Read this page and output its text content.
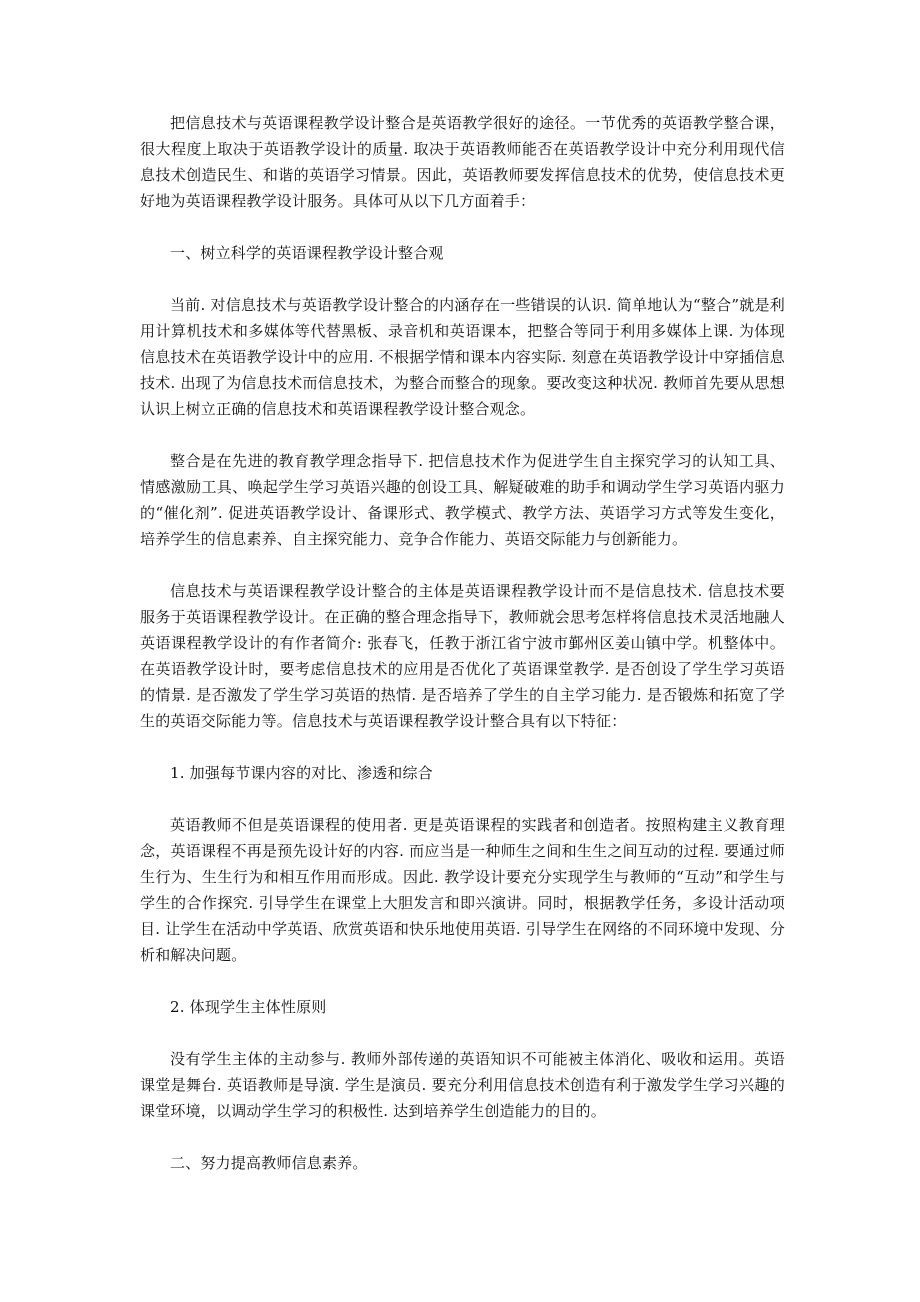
把信息技术与英语课程教学设计整合是英语教学很好的途径。一节优秀的英语教学整合课，很大程度上取决于英语教学设计的质量. 取决于英语教师能否在英语教学设计中充分利用现代信息技术创造民生、和谐的英语学习情景。因此，英语教师要发挥信息技术的优势，使信息技术更好地为英语课程教学设计服务。具体可从以下几方面着手：

一、树立科学的英语课程教学设计整合观

当前. 对信息技术与英语教学设计整合的内涵存在一些错误的认识. 简单地认为“整合”就是利用计算机技术和多媒体等代替黑板、录音机和英语课本，把整合等同于利用多媒体上课. 为体现信息技术在英语教学设计中的应用. 不根据学情和课本内容实际. 刻意在英语教学设计中穿插信息技术. 出现了为信息技术而信息技术，为整合而整合的现象。要改变这种状况. 教师首先要从思想认识上树立正确的信息技术和英语课程教学设计整合观念。

整合是在先进的教育教学理念指导下. 把信息技术作为促进学生自主探究学习的认知工具、情感激励工具、唤起学生学习英语兴趣的创设工具、解疑破难的助手和调动学生学习英语内驱力的“催化剂”. 促进英语教学设计、备课形式、教学模式、教学方法、英语学习方式等发生变化，培养学生的信息素养、自主探究能力、竞争合作能力、英语交际能力与创新能力。

信息技术与英语课程教学设计整合的主体是英语课程教学设计而不是信息技术. 信息技术要服务于英语课程教学设计。在正确的整合理念指导下，教师就会思考怎样将信息技术灵活地融人英语课程教学设计的有作者简介: 张春飞，任教于浙江省宁波市鄞州区姜山镇中学。机整体中。在英语教学设计时，要考虑信息技术的应用是否优化了英语课堂教学. 是否创设了学生学习英语的情景. 是否激发了学生学习英语的热情. 是否培养了学生的自主学习能力. 是否锻炼和拓宽了学生的英语交际能力等。信息技术与英语课程教学设计整合具有以下特征：

1. 加强每节课内容的对比、渗透和综合

英语教师不但是英语课程的使用者. 更是英语课程的实践者和创造者。按照构建主义教育理念，英语课程不再是预先设计好的内容. 而应当是一种师生之间和生生之间互动的过程. 要通过师生行为、生生行为和相互作用而形成。因此. 教学设计要充分实现学生与教师的“互动”和学生与学生的合作探究. 引导学生在课堂上大胆发言和即兴演讲。同时，根据教学任务，多设计活动项目. 让学生在活动中学英语、欣赏英语和快乐地使用英语. 引导学生在网络的不同环境中发现、分析和解决问题。

2. 体现学生主体性原则

没有学生主体的主动参与. 教师外部传递的英语知识不可能被主体消化、吸收和运用。英语课堂是舞台. 英语教师是导演. 学生是演员. 要充分利用信息技术创造有利于激发学生学习兴趣的课堂环境，以调动学生学习的积极性. 达到培养学生创造能力的目的。

二、努力提高教师信息素养。
